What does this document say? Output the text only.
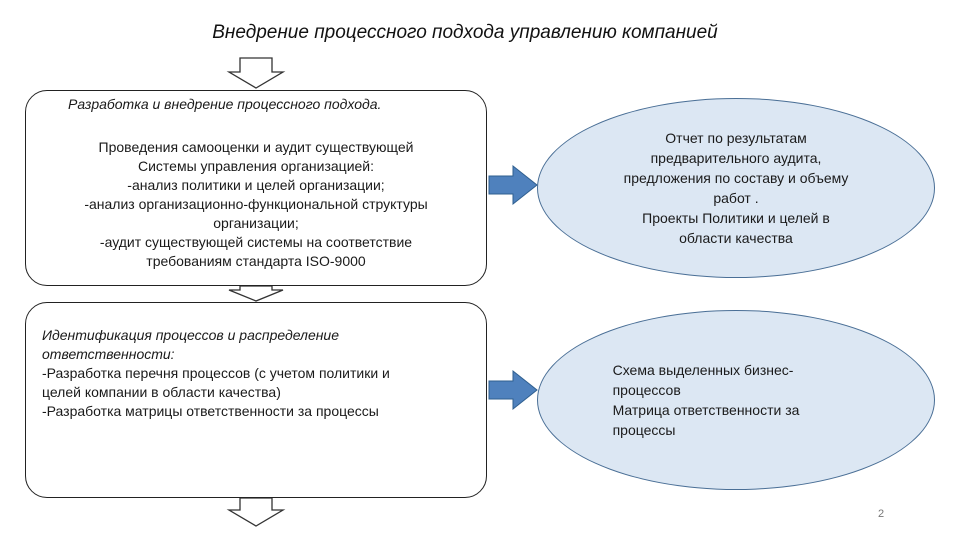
Внедрение процессного подхода управлению компанией
Разработка и внедрение процессного подхода.
Проведения самооценки и аудит существующей
Системы управления организацией:
-анализ политики и целей организации;
-анализ организационно-функциональной структуры
организации;
-аудит существующей системы на соответствие
требованиям стандарта ISO-9000
Отчет по результатам
предварительного аудита,
предложения по составу и объему
работ .
Проекты Политики и целей в
области качества
Идентификация процессов и распределение
ответственности:
-Разработка перечня процессов (с учетом политики и
целей компании в области качества)
-Разработка матрицы ответственности за процессы
Схема выделенных бизнес-
процессов
Матрица ответственности за
процессы
2
